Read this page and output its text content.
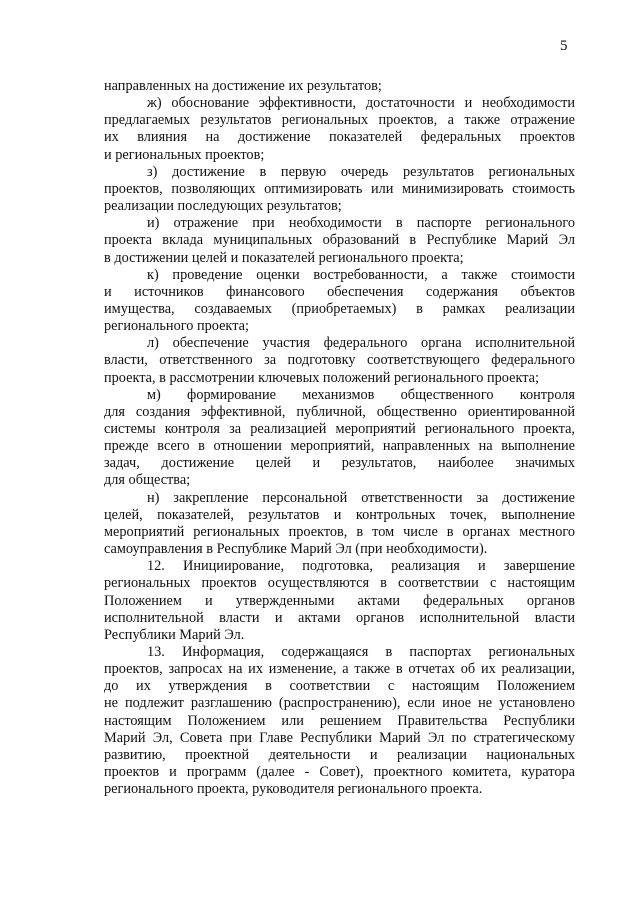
5
направленных на достижение их результатов;
ж) обоснование эффективности, достаточности и необходимости
предлагаемых результатов региональных проектов, а также отражение
их влияния на достижение показателей федеральных проектов
и региональных проектов;
з) достижение в первую очередь результатов региональных
проектов, позволяющих оптимизировать или минимизировать стоимость
реализации последующих результатов;
и) отражение при необходимости в паспорте регионального
проекта вклада муниципальных образований в Республике Марий Эл
в достижении целей и показателей регионального проекта;
к) проведение оценки востребованности, а также стоимости
и источников финансового обеспечения содержания объектов
имущества, создаваемых (приобретаемых) в рамках реализации
регионального проекта;
л) обеспечение участия федерального органа исполнительной
власти, ответственного за подготовку соответствующего федерального
проекта, в рассмотрении ключевых положений регионального проекта;
м) формирование механизмов общественного контроля
для создания эффективной, публичной, общественно ориентированной
системы контроля за реализацией мероприятий регионального проекта,
прежде всего в отношении мероприятий, направленных на выполнение
задач, достижение целей и результатов, наиболее значимых
для общества;
н) закрепление персональной ответственности за достижение
целей, показателей, результатов и контрольных точек, выполнение
мероприятий региональных проектов, в том числе в органах местного
самоуправления в Республике Марий Эл (при необходимости).
12. Инициирование, подготовка, реализация и завершение
региональных проектов осуществляются в соответствии с настоящим
Положением и утвержденными актами федеральных органов
исполнительной власти и актами органов исполнительной власти
Республики Марий Эл.
13. Информация, содержащаяся в паспортах региональных
проектов, запросах на их изменение, а также в отчетах об их реализации,
до их утверждения в соответствии с настоящим Положением
не подлежит разглашению (распространению), если иное не установлено
настоящим Положением или решением Правительства Республики
Марий Эл, Совета при Главе Республики Марий Эл по стратегическому
развитию, проектной деятельности и реализации национальных
проектов и программ (далее - Совет), проектного комитета, куратора
регионального проекта, руководителя регионального проекта.
